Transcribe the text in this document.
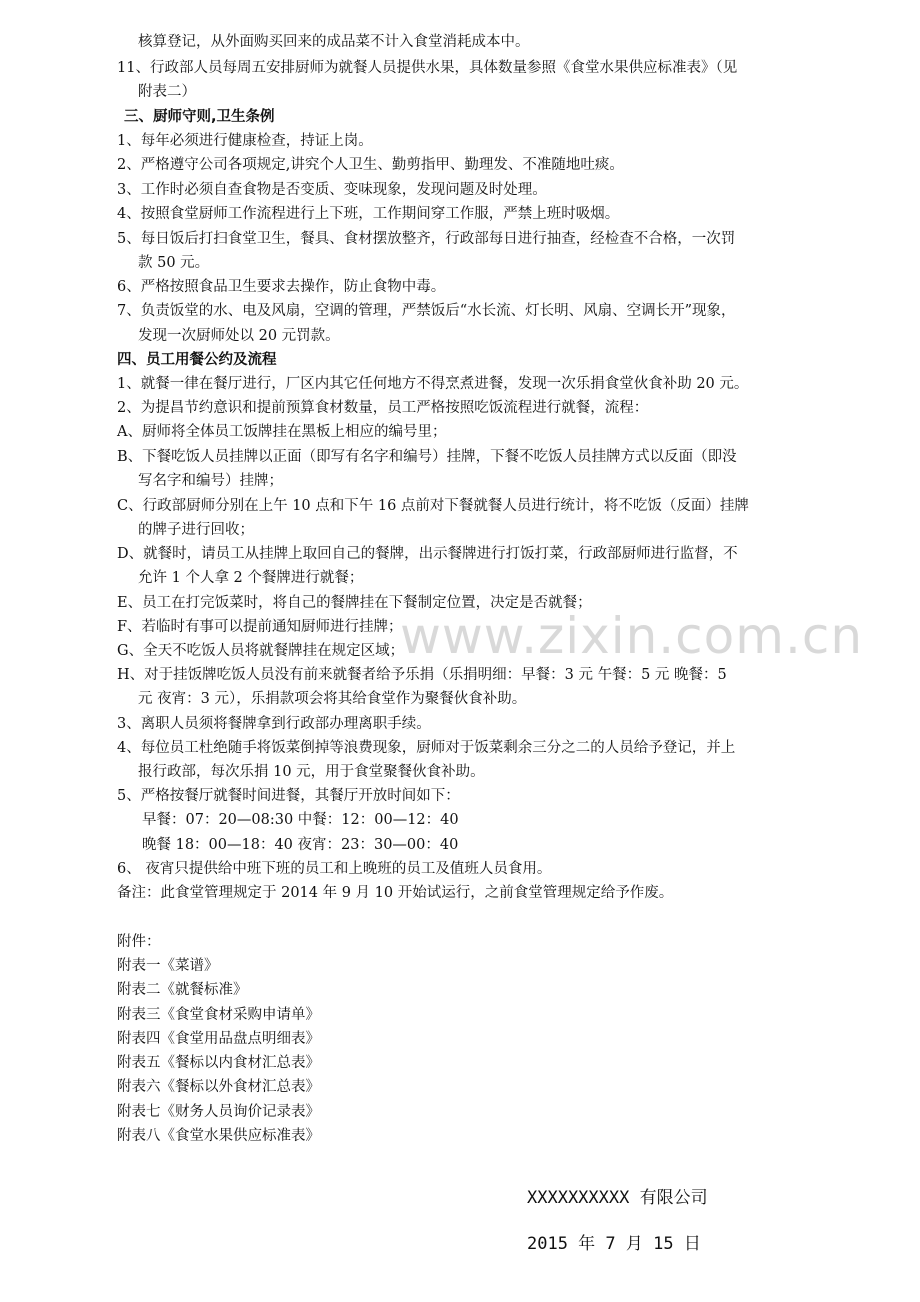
www.zixin.com.cn
核算登记，从外面购买回来的成品菜不计入食堂消耗成本中。
11、行政部人员每周五安排厨师为就餐人员提供水果，具体数量参照《食堂水果供应标准表》（见
附表二）
三、厨师守则,卫生条例
1、每年必须进行健康检查，持证上岗。
2、严格遵守公司各项规定,讲究个人卫生、勤剪指甲、勤理发、不准随地吐痰。
3、工作时必须自查食物是否变质、变味现象，发现问题及时处理。
4、按照食堂厨师工作流程进行上下班，工作期间穿工作服，严禁上班时吸烟。
5、每日饭后打扫食堂卫生，餐具、食材摆放整齐，行政部每日进行抽查，经检查不合格，一次罚
款 50 元。
6、严格按照食品卫生要求去操作，防止食物中毒。
7、负责饭堂的水、电及风扇，空调的管理，严禁饭后“水长流、灯长明、风扇、空调长开”现象，
发现一次厨师处以 20 元罚款。
四、员工用餐公约及流程
1、就餐一律在餐厅进行，厂区内其它任何地方不得烹煮进餐，发现一次乐捐食堂伙食补助 20 元。
2、为提昌节约意识和提前预算食材数量，员工严格按照吃饭流程进行就餐，流程：
A、厨师将全体员工饭牌挂在黑板上相应的编号里；
B、下餐吃饭人员挂牌以正面（即写有名字和编号）挂牌，下餐不吃饭人员挂牌方式以反面（即没
写名字和编号）挂牌；
C、行政部厨师分别在上午 10 点和下午 16 点前对下餐就餐人员进行统计，将不吃饭（反面）挂牌
的牌子进行回收；
D、就餐时，请员工从挂牌上取回自己的餐牌，出示餐牌进行打饭打菜，行政部厨师进行监督，不
允许 1 个人拿 2 个餐牌进行就餐；
E、员工在打完饭菜时，将自己的餐牌挂在下餐制定位置，决定是否就餐；
F、若临时有事可以提前通知厨师进行挂牌；
G、全天不吃饭人员将就餐牌挂在规定区域；
H、对于挂饭牌吃饭人员没有前来就餐者给予乐捐（乐捐明细：早餐：3 元 午餐：5 元 晚餐：5
元 夜宵：3 元），乐捐款项会将其给食堂作为聚餐伙食补助。
3、离职人员须将餐牌拿到行政部办理离职手续。
4、每位员工杜绝随手将饭菜倒掉等浪费现象，厨师对于饭菜剩余三分之二的人员给予登记，并上
报行政部，每次乐捐 10 元，用于食堂聚餐伙食补助。
5、严格按餐厅就餐时间进餐，其餐厅开放时间如下：
早餐：07：20—08:30 中餐：12：00—12：40
晚餐 18：00—18：40 夜宵：23：30—00：40
6、 夜宵只提供给中班下班的员工和上晚班的员工及值班人员食用。
备注：此食堂管理规定于 2014 年 9 月 10 开始试运行，之前食堂管理规定给予作废。
附件：
附表一《菜谱》
附表二《就餐标准》
附表三《食堂食材采购申请单》
附表四《食堂用品盘点明细表》
附表五《餐标以内食材汇总表》
附表六《餐标以外食材汇总表》
附表七《财务人员询价记录表》
附表八《食堂水果供应标准表》
XXXXXXXXXX 有限公司
2015 年 7 月 15 日
